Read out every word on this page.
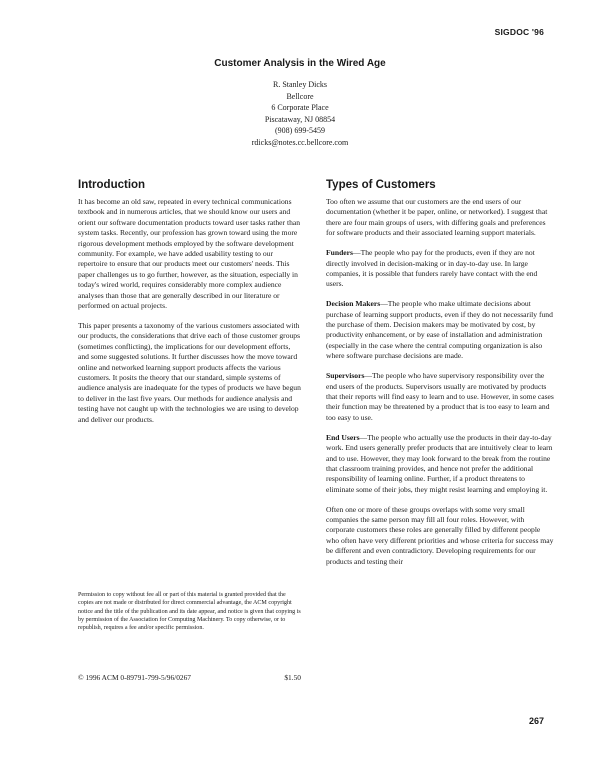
SIGDOC '96
Customer Analysis in the Wired Age
R. Stanley Dicks
Bellcore
6 Corporate Place
Piscataway, NJ 08854
(908) 699-5459
rdicks@notes.cc.bellcore.com
Introduction

It has become an old saw, repeated in every technical communications textbook and in numerous articles, that we should know our users and orient our software documentation products toward user tasks rather than system tasks. Recently, our profession has grown toward using the more rigorous development methods employed by the software development community. For example, we have added usability testing to our repertoire to ensure that our products meet our customers' needs. This paper challenges us to go further, however, as the situation, especially in today's wired world, requires considerably more complex audience analyses than those that are generally described in our literature or performed on actual projects.

This paper presents a taxonomy of the various customers associated with our products, the considerations that drive each of those customer groups (sometimes conflicting), the implications for our development efforts, and some suggested solutions. It further discusses how the move toward online and networked learning support products affects the various customers. It posits the theory that our standard, simple systems of audience analysis are inadequate for the types of products we have begun to deliver in the last five years. Our methods for audience analysis and testing have not caught up with the technologies we are using to develop and deliver our products.

Permission to copy without fee all or part of this material is granted provided that the copies are not made or distributed for direct commercial advantage, the ACM copyright notice and the title of the publication and its date appear, and notice is given that copying is by permission of the Association for Computing Machinery. To copy otherwise, or to republish, requires a fee and/or specific permission.
© 1996 ACM 0-89791-799-5/96/0267	$1.50
Types of Customers

Too often we assume that our customers are the end users of our documentation (whether it be paper, online, or networked). I suggest that there are four main groups of users, with differing goals and preferences for software products and their associated learning support materials.

Funders—The people who pay for the products, even if they are not directly involved in decision-making or in day-to-day use. In large companies, it is possible that funders rarely have contact with the end users.

Decision Makers—The people who make ultimate decisions about purchase of learning support products, even if they do not necessarily fund the purchase of them. Decision makers may be motivated by cost, by productivity enhancement, or by ease of installation and administration (especially in the case where the central computing organization is also where software purchase decisions are made.

Supervisors—The people who have supervisory responsibility over the end users of the products. Supervisors usually are motivated by products that their reports will find easy to learn and to use. However, in some cases their function may be threatened by a product that is too easy to learn and too easy to use.

End Users—The people who actually use the products in their day-to-day work. End users generally prefer products that are intuitively clear to learn and to use. However, they may look forward to the break from the routine that classroom training provides, and hence not prefer the additional responsibility of learning online. Further, if a product threatens to eliminate some of their jobs, they might resist learning and employing it.

Often one or more of these groups overlaps with some very small companies the same person may fill all four roles. However, with corporate customers these roles are generally filled by different people who often have very different priorities and whose criteria for success may be different and even contradictory. Developing requirements for our products and testing their

267
